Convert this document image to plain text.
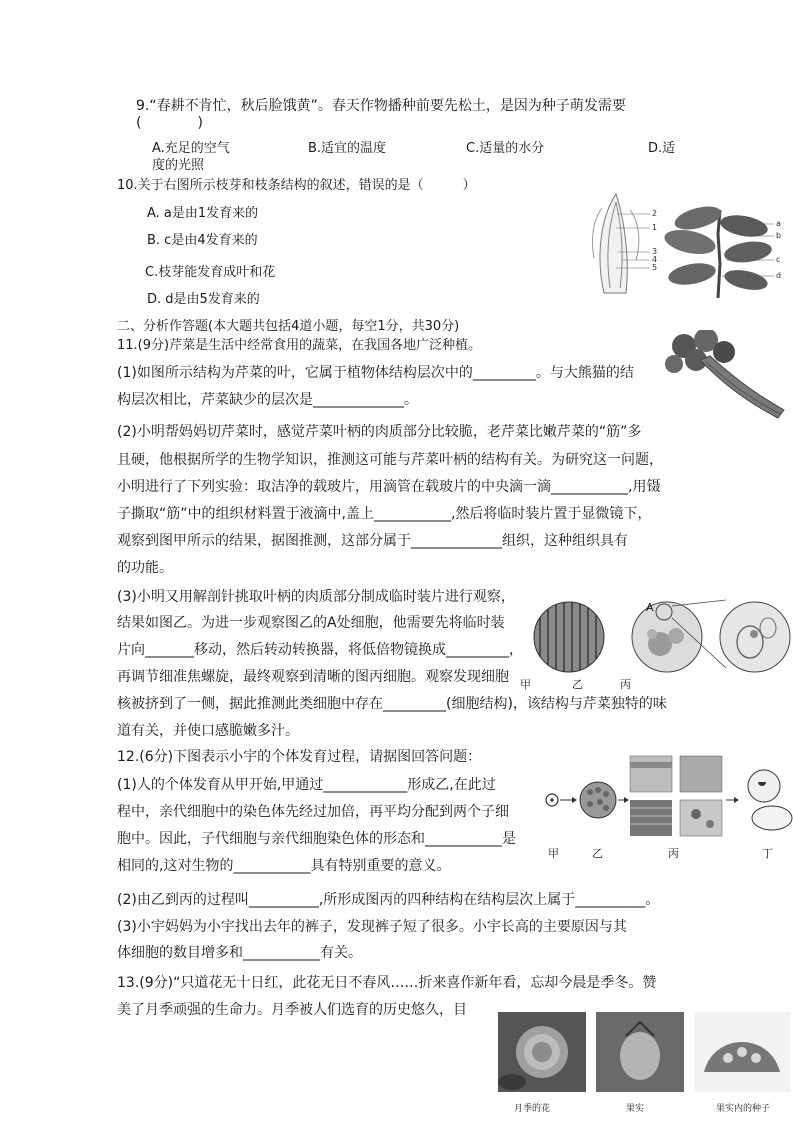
9.“春耕不肯忙，秋后脸饿黄”。春天作物播种前要先松土，是因为种子萌发需要
(　　　　)
A.充足的空气	B.适宜的温度	C.适量的水分	D.适
度的光照
10.关于右图所示枝芽和枝条结构的叙述，错误的是（　　　）
A. a是由1发育来的
B. c是由4发育来的
C.枝芽能发育成叶和花
D. d是由5发育来的
2
1
3
4
5
a
b
c
d
二、分析作答题(本大题共包括4道小题，每空1分，共30分)
11.(9分)芹菜是生活中经常食用的蔬菜，在我国各地广泛种植。
(1)如图所示结构为芹菜的叶，它属于植物体结构层次中的_________。与大熊猫的结
构层次相比，芹菜缺少的层次是_____________。
(2)小明帮妈妈切芹菜时，感觉芹菜叶柄的肉质部分比较脆，老芹菜比嫩芹菜的“筋”多
且硬，他根据所学的生物学知识，推测这可能与芹菜叶柄的结构有关。为研究这一问题，
小明进行了下列实验：取洁净的载玻片，用滴管在载玻片的中央滴一滴___________,用镊
子撕取“筋”中的组织材料置于液滴中,盖上___________,然后将临时装片置于显微镜下，
观察到图甲所示的结果，据图推测，这部分属于_____________组织，这种组织具有
的功能。
(3)小明又用解剖针挑取叶柄的肉质部分制成临时装片进行观察，
结果如图乙。为进一步观察图乙的A处细胞，他需要先将临时装
片向_______移动，然后转动转换器，将低倍物镜换成_________，
再调节细准焦螺旋，最终观察到清晰的图丙细胞。观察发现细胞
核被挤到了一侧，据此推测此类细胞中存在_________(细胞结构)，该结构与芹菜独特的味
道有关，并使口感脆嫩多汁。
A
甲	乙	丙
12.(6分)下图表示小宇的个体发育过程，请据图回答问题：
(1)人的个体发育从甲开始,甲通过____________形成乙,在此过
程中，亲代细胞中的染色体先经过加倍，再平均分配到两个子细
胞中。因此，子代细胞与亲代细胞染色体的形态和___________是
相同的,这对生物的___________具有特别重要的意义。
甲	乙	丙	丁
(2)由乙到丙的过程叫__________,所形成图丙的四种结构在结构层次上属于__________。
(3)小宇妈妈为小宇找出去年的裤子，发现裤子短了很多。小宇长高的主要原因与其
体细胞的数目增多和___________有关。
13.(9分)“只道花无十日红，此花无日不春风……折来喜作新年看，忘却今晨是季冬。赞
美了月季顽强的生命力。月季被人们选育的历史悠久，目
月季的花	果实	果实内的种子
